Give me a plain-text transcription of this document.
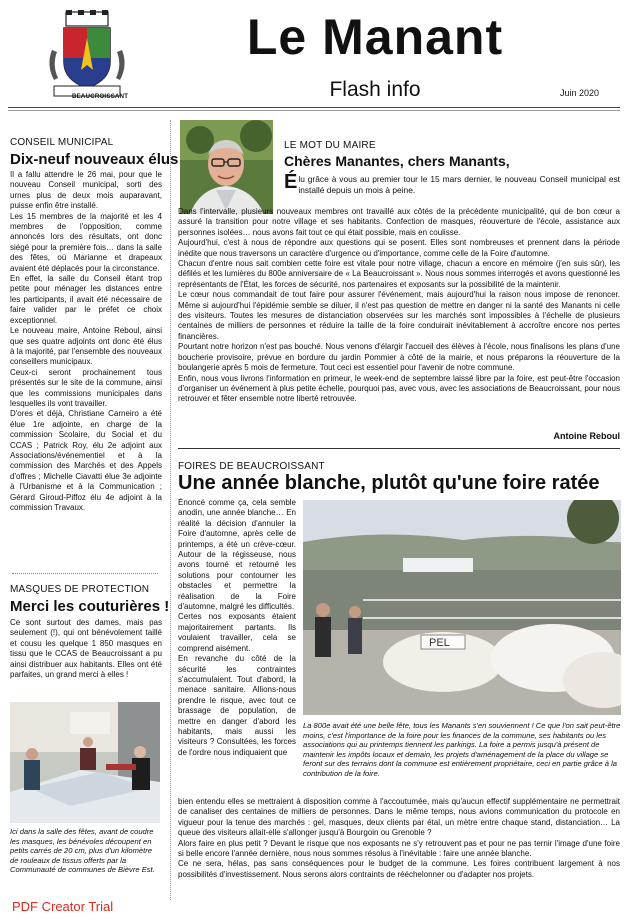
BEAUCROISSANT
Le Manant
Flash info	Juin 2020
CONSEIL MUNICIPAL
Dix-neuf nouveaux élus

Il a fallu attendre le 26 mai, pour que le nouveau Conseil municipal, sorti des urnes plus de deux mois auparavant, puisse enfin être installé.

Les 15 membres de la majorité et les 4 membres de l'opposition, comme annoncés lors des résultats, ont donc siégé pour la première fois… dans la salle des fêtes, où Marianne et drapeaux avaient été déplacés pour la circonstance.

En effet, la salle du Conseil étant trop petite pour ménager les distances entre les participants, il avait été nécessaire de faire valider par le préfet ce choix exceptionnel.

Le nouveau maire, Antoine Reboul, ainsi que ses quatre adjoints ont donc été élus à la majorité, par l'ensemble des nouveaux conseillers municipaux.

Ceux-ci seront prochainement tous présentés sur le site de la commune, ainsi que les commissions municipales dans lesquelles ils vont travailler.

D'ores et déjà, Christiane Carneiro a été élue 1re adjointe, en charge de la commission Scolaire, du Social et du CCAS ; Patrick Roy, élu 2e adjoint aux Associations/événementiel et à la commission des Marchés et des Appels d'offres ; Michelle Ciavatti élue 3e adjointe à l'Urbanisme et à la Communication ; Gérard Giroud-Piffoz élu 4e adjoint à la commission Travaux.

MASQUES DE PROTECTION
Merci les couturières !
Ce sont surtout des dames, mais pas seulement (!), qui ont bénévolement taillé et cousu les quelque 1 850 masques en tissu que le CCAS de Beaucroissant a pu ainsi distribuer aux habitants. Elles ont été parfaites, un grand merci à elles !
Ici dans la salle des fêtes, avant de coudre les masques, les bénévoles découpent en petits carrés de 20 cm, plus d'un kilomètre de rouleaux de tissus offerts par la Communauté de communes de Bièvre Est.
PDF Creator Trial
LE MOT DU MAIRE
Chères Manantes, chers Manants,
É lu grâce à vous au premier tour le 15 mars dernier, le nouveau Conseil municipal est installé depuis un mois à peine.

Dans l'intervalle, plusieurs nouveaux membres ont travaillé aux côtés de la précédente municipalité, qui de bon cœur a assuré la transition pour notre village et ses habitants. Confection de masques, réouverture de l'école, assistance aux personnes isolées… nous avons fait tout ce qui était possible, mais en coulisse.

Aujourd'hui, c'est à nous de répondre aux questions qui se posent. Elles sont nombreuses et prennent dans la période inédite que nous traversons un caractère d'urgence ou d'importance, comme celle de la Foire d'automne.

Chacun d'entre nous sait combien cette foire est vitale pour notre village, chacun a encore en mémoire (j'en suis sûr), les défilés et les lumières du 800e anniversaire de « La Beaucroissant ». Nous nous sommes interrogés et avons questionné les représentants de l'État, les forces de sécurité, nos partenaires et exposants sur la possibilité de la maintenir.

Le cœur nous commandait de tout faire pour assurer l'événement, mais aujourd'hui la raison nous impose de renoncer. Même si aujourd'hui l'épidémie semble se diluer, il n'est pas question de mettre en danger ni la santé des Manants ni celle des visiteurs. Toutes les mesures de distanciation observées sur les marchés sont impossibles à l'échelle de plusieurs centaines de milliers de personnes et réduire la taille de la foire conduirait inévitablement à accroître encore nos pertes financières.

Pourtant notre horizon n'est pas bouché. Nous venons d'élargir l'accueil des élèves à l'école, nous finalisons les plans d'une boucherie provisoire, prévue en bordure du jardin Pommier à côté de la mairie, et nous préparons la réouverture de la boulangerie après 5 mois de fermeture. Tout ceci est essentiel pour l'avenir de notre commune.

Enfin, nous vous livrons l'information en primeur, le week-end de septembre laissé libre par la foire, est peut-être l'occasion d'organiser un événement à plus petite échelle, pourquoi pas, avec vous, avec les associations de Beaucroissant, pour nous retrouver et fêter ensemble notre liberté retrouvée.

Antoine Reboul
FOIRES DE BEAUCROISSANT
Une année blanche, plutôt qu'une foire ratée

Énoncé comme ça, cela semble anodin, une année blanche… En réalité la décision d'annuler la Foire d'automne, après celle de printemps, a été un crève-cœur. Autour de la régisseuse, nous avons tourné et retourné les solutions pour contourner les obstacles et permettre la réalisation de la Foire d'automne, malgré les difficultés.

Certes nos exposants étaient majoritairement partants. Ils voulaient travailler, cela se comprend aisément.

En revanche du côté de la sécurité les contraintes s'accumulaient. Tout d'abord, la menace sanitaire. Allions-nous prendre le risque, avec tout ce brassage de population, de mettre en danger d'abord les habitants, mais aussi les visiteurs ? Consultées, les forces de l'ordre nous indiquaient que

PEL
La 800e avait été une belle fête, tous les Manants s'en souviennent ! Ce que l'on sait peut-être moins, c'est l'importance de la foire pour les finances de la commune, ses habitants ou les associations qui au printemps tiennent les parkings. La foire a permis jusqu'à présent de maintenir les impôts locaux et demain, les projets d'aménagement de la place du village se feront sur des terrains dont la commune est entièrement propriétaire, ceci en partie grâce à la contribution de la foire.

bien entendu elles se mettraient à disposition comme à l'accoutumée, mais qu'aucun effectif supplémentaire ne permettrait de canaliser des centaines de milliers de personnes. Dans le même temps, nous avions communication du protocole en vigueur pour la tenue des marchés : gel, masques, deux clients par étal, un mètre entre chaque stand, distanciation… La queue des visiteurs allait-elle s'allonger jusqu'à Bourgoin ou Grenoble ?

Alors faire en plus petit ? Devant le risque que nos exposants ne s'y retrouvent pas et pour ne pas ternir l'image d'une foire si belle encore l'année dernière, nous nous sommes résolus à l'inévitable : faire une année blanche.

Ce ne sera, hélas, pas sans conséquences pour le budget de la commune. Les foires contribuent largement à nos possibilités d'investissement. Nous serons alors contraints de rééchelonner ou d'adapter nos projets.
